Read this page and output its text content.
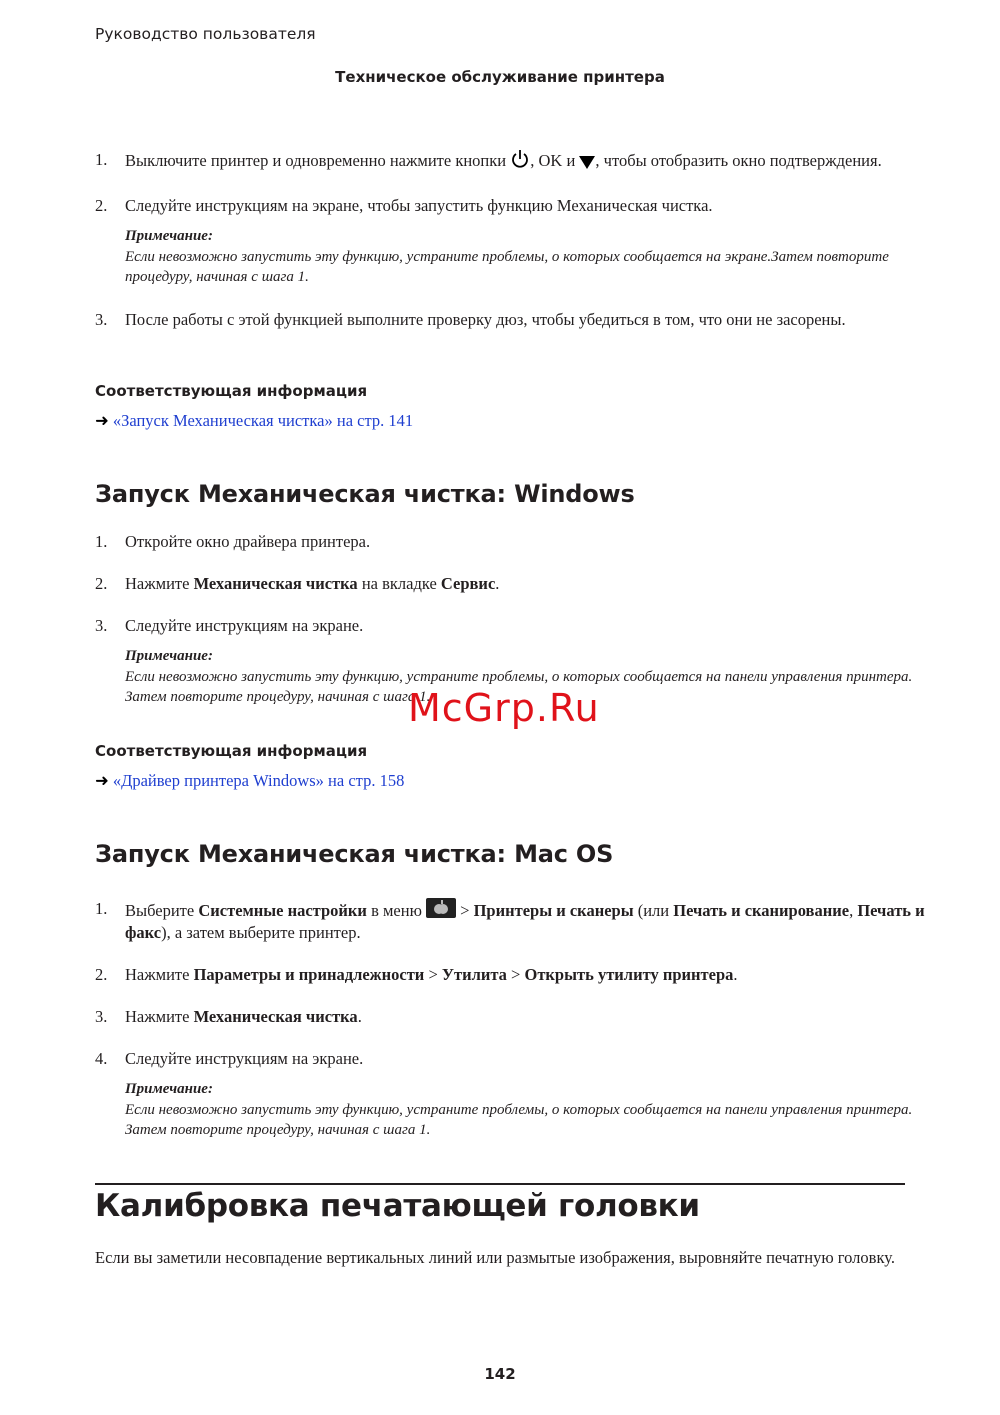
Руководство пользователя
Техническое обслуживание принтера
1. Выключите принтер и одновременно нажмите кнопки , OK и , чтобы отобразить окно подтверждения.
2. Следуйте инструкциям на экране, чтобы запустить функцию Механическая чистка.
Примечание:
Если невозможно запустить эту функцию, устраните проблемы, о которых сообщается на экране.Затем повторите процедуру, начиная с шага 1.
3. После работы с этой функцией выполните проверку дюз, чтобы убедиться в том, что они не засорены.
Соответствующая информация
➜ «Запуск Механическая чистка» на стр. 141
Запуск Механическая чистка: Windows
1. Откройте окно драйвера принтера.
2. Нажмите Механическая чистка на вкладке Сервис.
3. Следуйте инструкциям на экране.
Примечание:
Если невозможно запустить эту функцию, устраните проблемы, о которых сообщается на панели управления принтера. Затем повторите процедуру, начиная с шага 1.
Соответствующая информация
➜ «Драйвер принтера Windows» на стр. 158
McGrp.Ru
Запуск Механическая чистка: Mac OS
1. Выберите Системные настройки в меню
> Принтеры и сканеры (или Печать и сканирование, Печать и факс), а затем выберите принтер.
2. Нажмите Параметры и принадлежности > Утилита > Открыть утилиту принтера.
3. Нажмите Механическая чистка.
4. Следуйте инструкциям на экране.
Примечание:
Если невозможно запустить эту функцию, устраните проблемы, о которых сообщается на панели управления принтера. Затем повторите процедуру, начиная с шага 1.
Калибровка печатающей головки
Если вы заметили несовпадение вертикальных линий или размытые изображения, выровняйте печатную головку.
142
